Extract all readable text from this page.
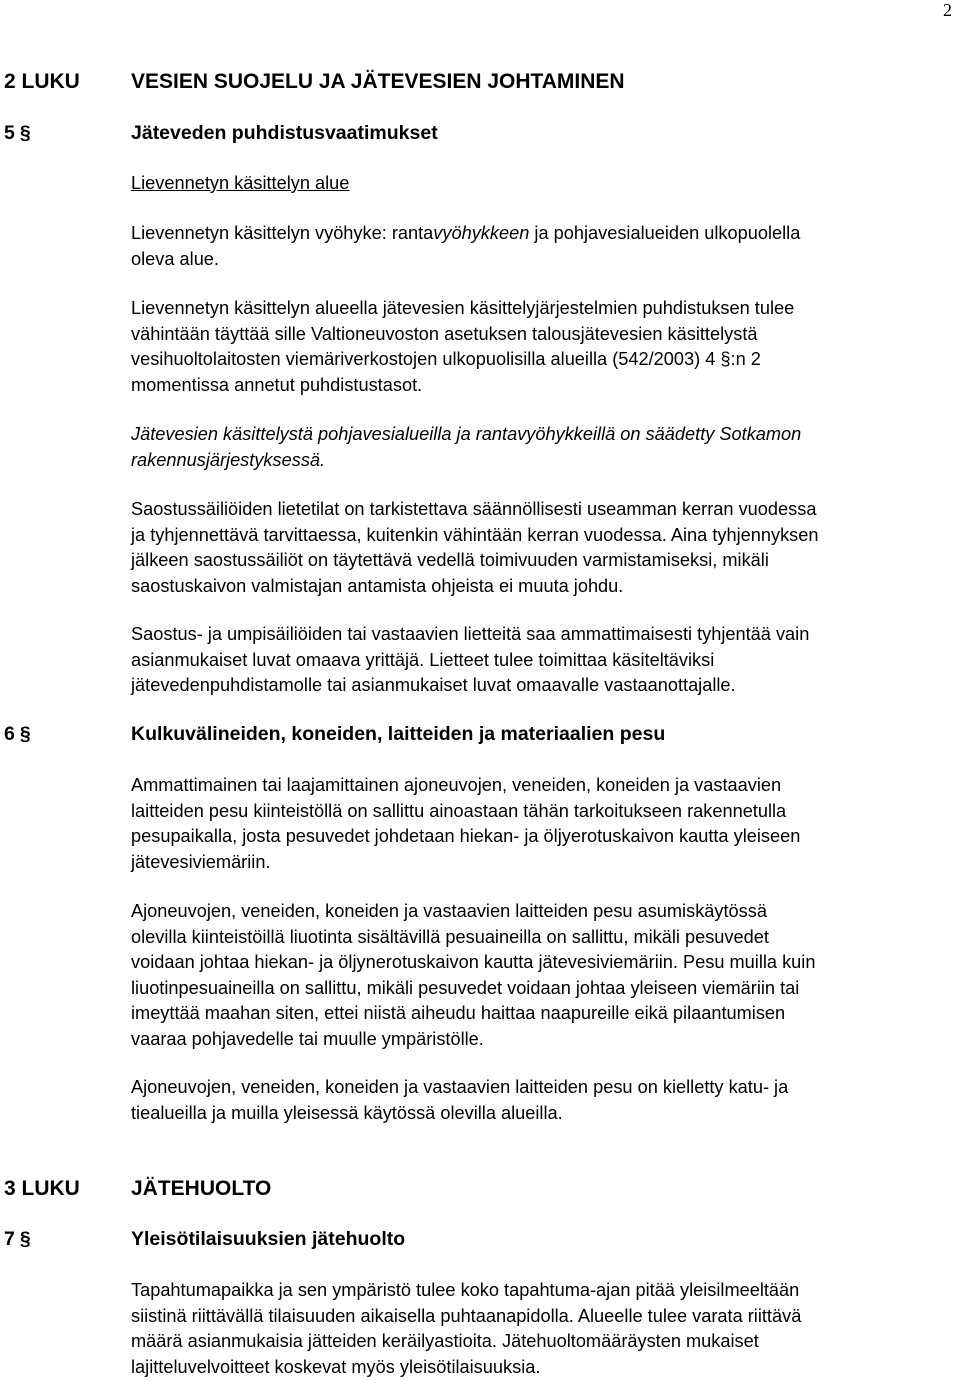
2
2 LUKU VESIEN SUOJELU JA JÄTEVESIEN JOHTAMINEN
5 §	Jäteveden puhdistusvaatimukset
Lievennetyn käsittelyn alue
Lievennetyn käsittelyn vyöhyke: rantavyöhykkeen ja pohjavesialueiden ulkopuolella
oleva alue.
Lievennetyn käsittelyn alueella jätevesien käsittelyjärjestelmien puhdistuksen tulee
vähintään täyttää sille Valtioneuvoston asetuksen talousjätevesien käsittelystä
vesihuoltolaitosten viemäriverkostojen ulkopuolisilla alueilla (542/2003) 4 §:n 2
momentissa annetut puhdistustasot.
Jätevesien käsittelystä pohjavesialueilla ja rantavyöhykkeillä on säädetty Sotkamon
rakennusjärjestyksessä.
Saostussäiliöiden lietetilat on tarkistettava säännöllisesti useamman kerran vuodessa
ja tyhjennettävä tarvittaessa, kuitenkin vähintään kerran vuodessa. Aina tyhjennyksen
jälkeen saostussäiliöt on täytettävä vedellä toimivuuden varmistamiseksi, mikäli
saostuskaivon valmistajan antamista ohjeista ei muuta johdu.
Saostus- ja umpisäiliöiden tai vastaavien lietteitä saa ammattimaisesti tyhjentää vain
asianmukaiset luvat omaava yrittäjä. Lietteet tulee toimittaa käsiteltäviksi
jätevedenpuhdistamolle tai asianmukaiset luvat omaavalle vastaanottajalle.
6 §	Kulkuvälineiden, koneiden, laitteiden ja materiaalien pesu
Ammattimainen tai laajamittainen ajoneuvojen, veneiden, koneiden ja vastaavien
laitteiden pesu kiinteistöllä on sallittu ainoastaan tähän tarkoitukseen rakennetulla
pesupaikalla, josta pesuvedet johdetaan hiekan- ja öljyerotuskaivon kautta yleiseen
jätevesiviemäriin.
Ajoneuvojen, veneiden, koneiden ja vastaavien laitteiden pesu asumiskäytössä
olevilla kiinteistöillä liuotinta sisältävillä pesuaineilla on sallittu, mikäli pesuvedet
voidaan johtaa hiekan- ja öljynerotuskaivon kautta jätevesiviemäriin. Pesu muilla kuin
liuotinpesuaineilla on sallittu, mikäli pesuvedet voidaan johtaa yleiseen viemäriin tai
imeyttää maahan siten, ettei niistä aiheudu haittaa naapureille eikä pilaantumisen
vaaraa pohjavedelle tai muulle ympäristölle.
Ajoneuvojen, veneiden, koneiden ja vastaavien laitteiden pesu on kielletty katu- ja
tiealueilla ja muilla yleisessä käytössä olevilla alueilla.
3 LUKU JÄTEHUOLTO
7 §	Yleisötilaisuuksien jätehuolto
Tapahtumapaikka ja sen ympäristö tulee koko tapahtuma-ajan pitää yleisilmeeltään
siistinä riittävällä tilaisuuden aikaisella puhtaanapidolla. Alueelle tulee varata riittävä
määrä asianmukaisia jätteiden keräilyastioita. Jätehuoltomääräysten mukaiset
lajitteluvelvoitteet koskevat myös yleisötilaisuuksia.
